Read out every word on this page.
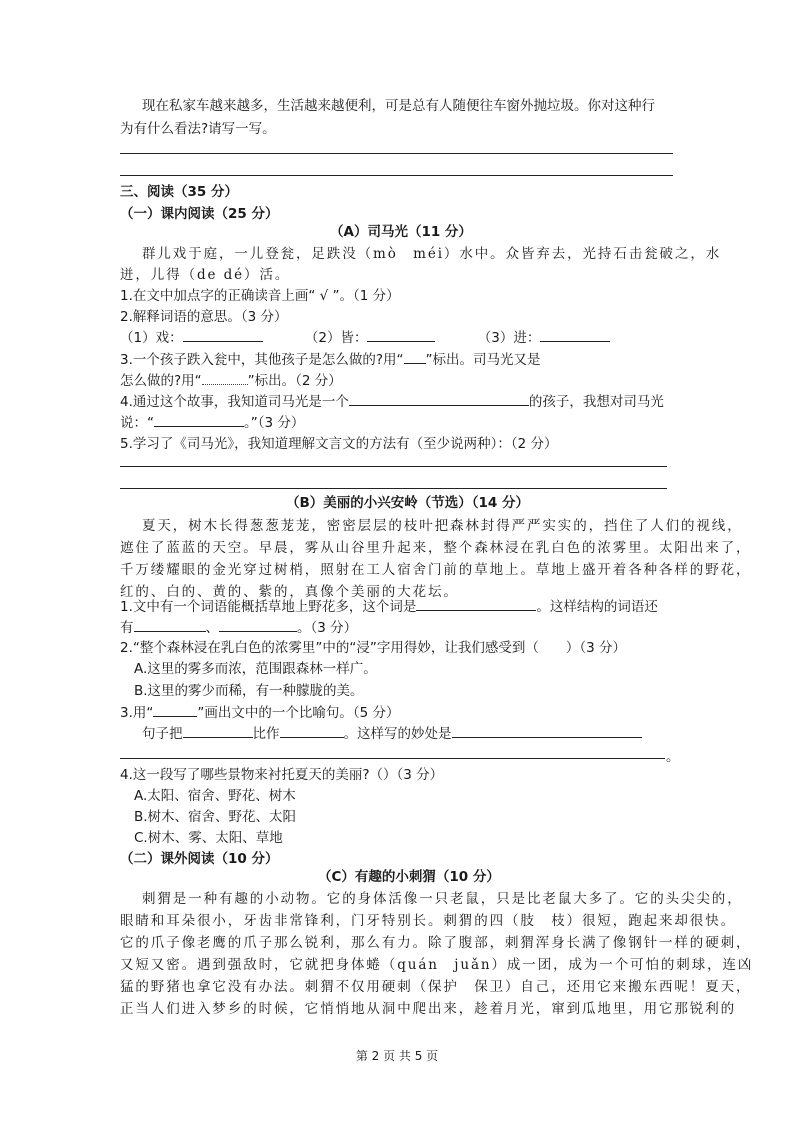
现在私家车越来越多，生活越来越便利，可是总有人随便往车窗外抛垃圾。你对这种行
为有什么看法?请写一写。
三、阅读（35 分）
（一）课内阅读（25 分）
（A）司马光（11 分）
群儿戏于庭，一儿登瓮，足跌没（mò　méi）水中。众皆弃去，光持石击瓮破之，水
迸，儿得（de dé）活。
1.在文中加点字的正确读音上画“ √ ”。（1 分）
2.解释词语的意思。（3 分）
（1）戏：	（2）皆：	（3）进：
3.一个孩子跌入瓮中，其他孩子是怎么做的?用“ ”标出。司马光又是
怎么做的?用“	”标出。（2 分）
4.通过这个故事，我知道司马光是一个	的孩子，我想对司马光
说：“	。”（3 分）
5.学习了《司马光》，我知道理解文言文的方法有（至少说两种）：（2 分）
（B）美丽的小兴安岭（节选）（14 分）
夏天，树木长得葱葱茏茏，密密层层的枝叶把森林封得严严实实的，挡住了人们的视线，
遮住了蓝蓝的天空。早晨，雾从山谷里升起来，整个森林浸在乳白色的浓雾里。太阳出来了，
千万缕耀眼的金光穿过树梢，照射在工人宿舍门前的草地上。草地上盛开着各种各样的野花，
红的、白的、黄的、紫的，真像个美丽的大花坛。
1.文中有一个词语能概括草地上野花多，这个词是	。这样结构的词语还
有	、	。（3 分）
2.“整个森林浸在乳白色的浓雾里”中的“浸”字用得妙，让我们感受到（　　）（3 分）
A.这里的雾多而浓，范围跟森林一样广。
B.这里的雾少而稀，有一种朦胧的美。
3.用“	”画出文中的一个比喻句。（5 分）
句子把	比作	。这样写的妙处是
。
4.这一段写了哪些景物来衬托夏天的美丽?（）（3 分）
A.太阳、宿舍、野花、树木
B.树木、宿舍、野花、太阳
C.树木、雾、太阳、草地
（二）课外阅读（10 分）
（C）有趣的小刺猬（10 分）
刺猬是一种有趣的小动物。它的身体活像一只老鼠，只是比老鼠大多了。它的头尖尖的，
眼睛和耳朵很小，牙齿非常锋利，门牙特别长。刺猬的四（肢　枝）很短，跑起来却很快。
它的爪子像老鹰的爪子那么锐利，那么有力。除了腹部，刺猬浑身长满了像钢针一样的硬刺，
又短又密。遇到强敌时，它就把身体蜷（quán　juǎn）成一团，成为一个可怕的刺球，连凶
猛的野猪也拿它没有办法。刺猬不仅用硬刺（保护　保卫）自己，还用它来搬东西呢！夏天，
正当人们进入梦乡的时候，它悄悄地从洞中爬出来，趁着月光，窜到瓜地里，用它那锐利的
第 2 页 共 5 页
